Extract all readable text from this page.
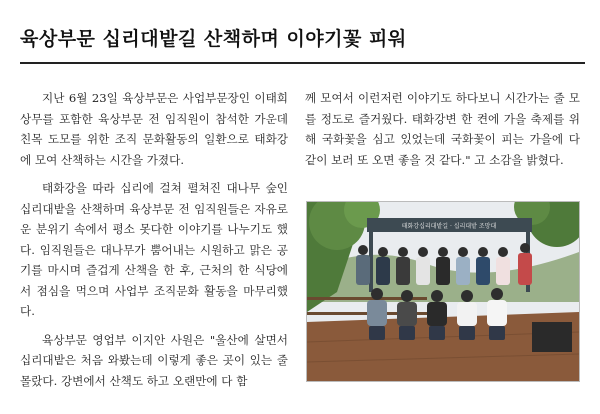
육상부문 십리대밭길 산책하며 이야기꽃 피워

지난 6월 23일 육상부문은 사업부문장인 이태희 상무를 포함한 육상부문 전 임직원이 참석한 가운데 친목 도모를 위한 조직 문화활동의 일환으로 태화강에 모여 산책하는 시간을 가졌다.

태화강을 따라 십리에 걸쳐 펼쳐진 대나무 숲인 십리대밭을 산책하며 육상부문 전 임직원들은 자유로운 분위기 속에서 평소 못다한 이야기를 나누기도 했다. 임직원들은 대나무가 뿜어내는 시원하고 맑은 공기를 마시며 즐겁게 산책을 한 후, 근처의 한 식당에서 점심을 먹으며 사업부 조직문화 활동을 마무리했다.

육상부문 영업부 이지안 사원은 "울산에 살면서 십리대밭은 처음 와봤는데 이렇게 좋은 곳이 있는 줄 몰랐다. 강변에서 산책도 하고 오랜만에 다 함

께 모여서 이런저런 이야기도 하다보니 시간가는 줄 모를 정도로 즐거웠다. 태화강변 한 켠에 가을 축제를 위해 국화꽃을 심고 있었는데 국화꽃이 피는 가을에 다 같이 보러 또 오면 좋을 것 같다." 고 소감을 밝혔다.

태화강십리대밭길 · 십리대밭 조망대
